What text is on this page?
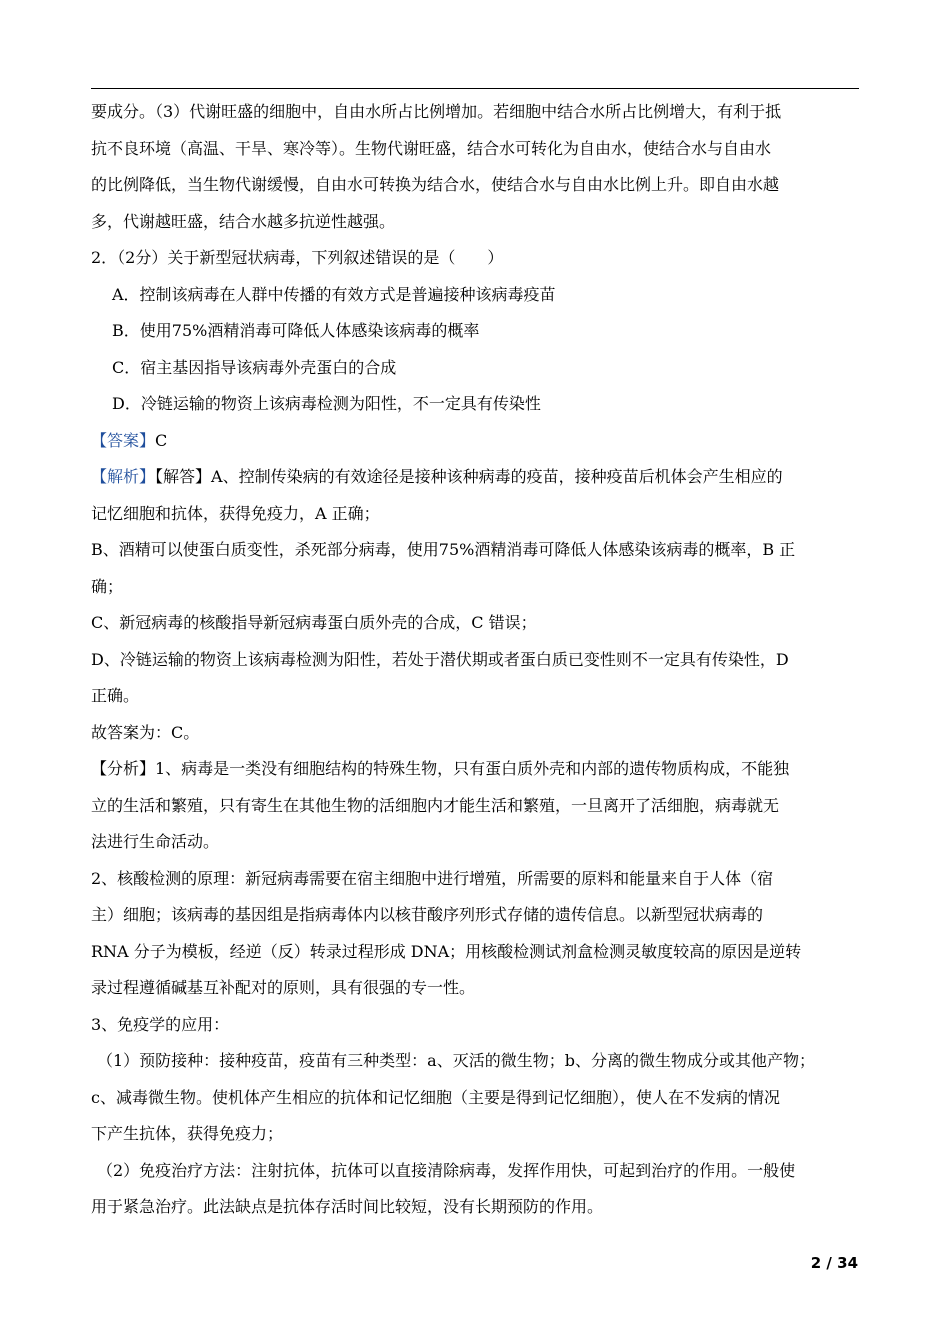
要成分。（3）代谢旺盛的细胞中，自由水所占比例增加。若细胞中结合水所占比例增大，有利于抵

抗不良环境（高温、干旱、寒冷等）。生物代谢旺盛，结合水可转化为自由水，使结合水与自由水

的比例降低，当生物代谢缓慢，自由水可转换为结合水，使结合水与自由水比例上升。即自由水越

多，代谢越旺盛，结合水越多抗逆性越强。

2．（2分）关于新型冠状病毒，下列叙述错误的是（　　）

A．控制该病毒在人群中传播的有效方式是普遍接种该病毒疫苗

B．使用75%酒精消毒可降低人体感染该病毒的概率

C．宿主基因指导该病毒外壳蛋白的合成

D．冷链运输的物资上该病毒检测为阳性，不一定具有传染性

【答案】C

【解析】【解答】A、控制传染病的有效途径是接种该种病毒的疫苗，接种疫苗后机体会产生相应的

记忆细胞和抗体，获得免疫力，A 正确；

B、酒精可以使蛋白质变性，杀死部分病毒，使用75%酒精消毒可降低人体感染该病毒的概率，B 正

确；

C、新冠病毒的核酸指导新冠病毒蛋白质外壳的合成，C 错误；

D、冷链运输的物资上该病毒检测为阳性，若处于潜伏期或者蛋白质已变性则不一定具有传染性，D

正确。

故答案为：C。

【分析】1、病毒是一类没有细胞结构的特殊生物，只有蛋白质外壳和内部的遗传物质构成，不能独

立的生活和繁殖，只有寄生在其他生物的活细胞内才能生活和繁殖，一旦离开了活细胞，病毒就无

法进行生命活动。

2、核酸检测的原理：新冠病毒需要在宿主细胞中进行增殖，所需要的原料和能量来自于人体（宿

主）细胞；该病毒的基因组是指病毒体内以核苷酸序列形式存储的遗传信息。以新型冠状病毒的

RNA 分子为模板，经逆（反）转录过程形成 DNA；用核酸检测试剂盒检测灵敏度较高的原因是逆转

录过程遵循碱基互补配对的原则，具有很强的专一性。

3、免疫学的应用：

（1）预防接种：接种疫苗，疫苗有三种类型：a、灭活的微生物；b、分离的微生物成分或其他产物；

c、减毒微生物。使机体产生相应的抗体和记忆细胞（主要是得到记忆细胞），使人在不发病的情况

下产生抗体，获得免疫力；

（2）免疫治疗方法：注射抗体，抗体可以直接清除病毒，发挥作用快，可起到治疗的作用。一般使

用于紧急治疗。此法缺点是抗体存活时间比较短，没有长期预防的作用。

2 / 34
